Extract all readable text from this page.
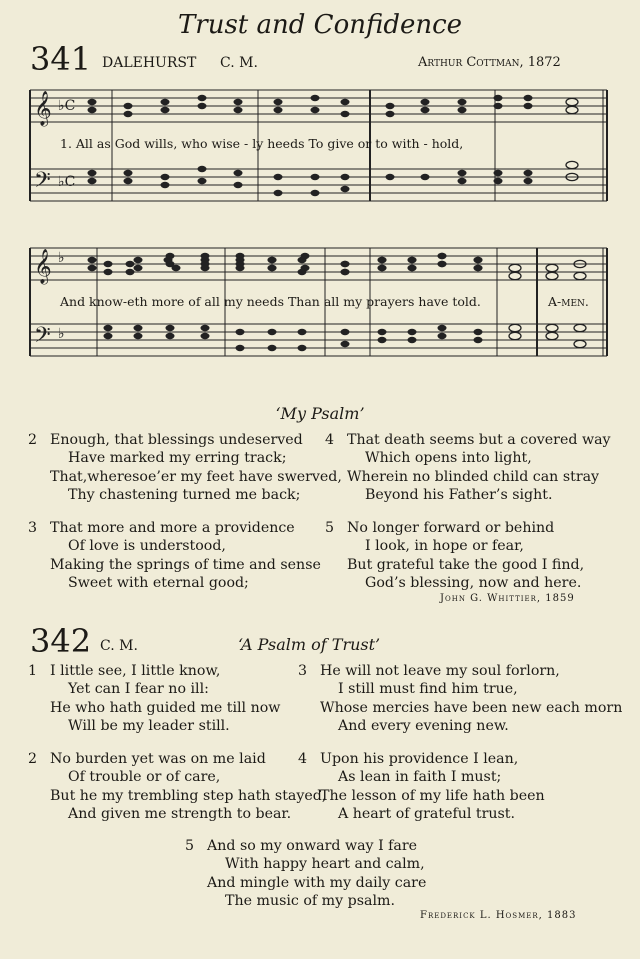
Trust and Confidence
341 DALEHURST C. M.	Arthur Cottman, 1872
𝄞
𝄢
♭C
♭C
𝄞
𝄢
♭
♭
1. All as God wills, who wise - ly heeds To give or to with - hold,
And know-eth more of all my needs Than all my prayers have told.	A-men.
‘My Psalm’
2 Enough, that blessings undeserved
Have marked my erring track;
That,wheresoe’er my feet have swerved,
Thy chastening turned me back;
3 That more and more a providence
Of love is understood,
Making the springs of time and sense
Sweet with eternal good;
4 That death seems but a covered way
Which opens into light,
Wherein no blinded child can stray
Beyond his Father’s sight.
5 No longer forward or behind
I look, in hope or fear,
But grateful take the good I find,
God’s blessing, now and here.
John G. Whittier, 1859
342 C. M.	‘A Psalm of Trust’
1 I little see, I little know,
Yet can I fear no ill:
He who hath guided me till now
Will be my leader still.
2 No burden yet was on me laid
Of trouble or of care,
But he my trembling step hath stayed,
And given me strength to bear.
3 He will not leave my soul forlorn,
I still must find him true,
Whose mercies have been new each morn
And every evening new.
4 Upon his providence I lean,
As lean in faith I must;
The lesson of my life hath been
A heart of grateful trust.
5 And so my onward way I fare
With happy heart and calm,
And mingle with my daily care
The music of my psalm.
Frederick L. Hosmer, 1883
